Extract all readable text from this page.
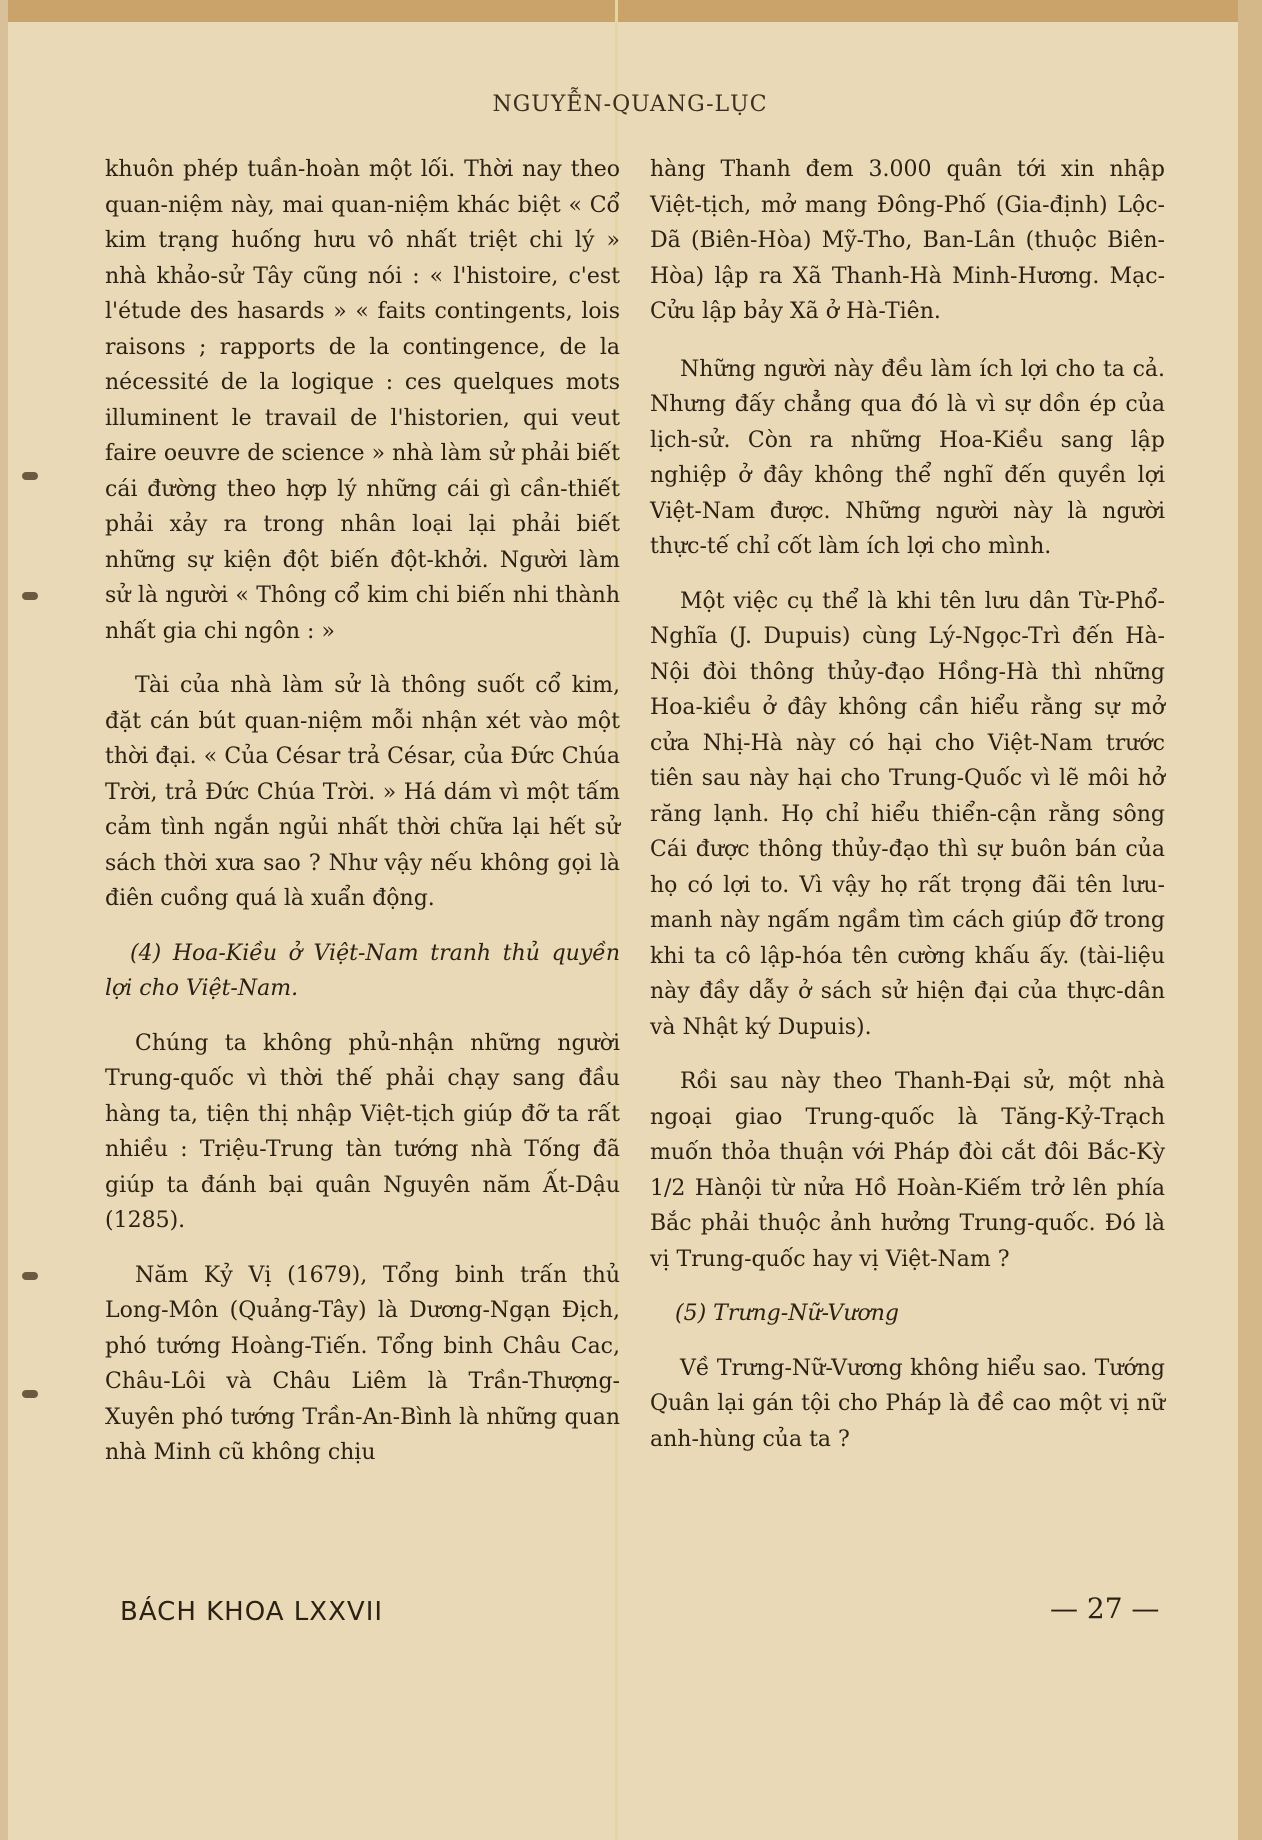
NGUYỄN-QUANG-LỤC

khuôn phép tuần-hoàn một lối. Thời nay theo quan-niệm này, mai quan-niệm khác biệt « Cổ kim trạng huống hưu vô nhất triệt chi lý » nhà khảo-sử Tây cũng nói : « l'histoire, c'est l'étude des hasards » « faits contingents, lois raisons ; rapports de la contingence, de la nécessité de la logique : ces quelques mots illuminent le travail de l'historien, qui veut faire oeuvre de science » nhà làm sử phải biết cái đường theo hợp lý những cái gì cần-thiết phải xảy ra trong nhân loại lại phải biết những sự kiện đột biến đột-khởi. Người làm sử là người « Thông cổ kim chi biến nhi thành nhất gia chi ngôn : »

Tài của nhà làm sử là thông suốt cổ kim, đặt cán bút quan-niệm mỗi nhận xét vào một thời đại. « Của César trả César, của Đức Chúa Trời, trả Đức Chúa Trời. » Há dám vì một tấm cảm tình ngắn ngủi nhất thời chữa lại hết sử sách thời xưa sao ? Như vậy nếu không gọi là điên cuồng quá là xuẩn động.

(4) Hoa-Kiều ở Việt-Nam tranh thủ quyền lợi cho Việt-Nam.

Chúng ta không phủ-nhận những người Trung-quốc vì thời thế phải chạy sang đầu hàng ta, tiện thị nhập Việt-tịch giúp đỡ ta rất nhiều : Triệu-Trung tàn tướng nhà Tống đã giúp ta đánh bại quân Nguyên năm Ất-Dậu (1285).

Năm Kỷ Vị (1679), Tổng binh trấn thủ Long-Môn (Quảng-Tây) là Dương-Ngạn Địch, phó tướng Hoàng-Tiến. Tổng binh Châu Cac, Châu-Lôi và Châu Liêm là Trần-Thượng-Xuyên phó tướng Trần-An-Bình là những quan nhà Minh cũ không chịu

hàng Thanh đem 3.000 quân tới xin nhập Việt-tịch, mở mang Đông-Phố (Gia-định) Lộc-Dã (Biên-Hòa) Mỹ-Tho, Ban-Lân (thuộc Biên-Hòa) lập ra Xã Thanh-Hà Minh-Hương. Mạc-Cửu lập bảy Xã ở Hà-Tiên.

Những người này đều làm ích lợi cho ta cả. Nhưng đấy chẳng qua đó là vì sự dồn ép của lịch-sử. Còn ra những Hoa-Kiều sang lập nghiệp ở đây không thể nghĩ đến quyền lợi Việt-Nam được. Những người này là người thực-tế chỉ cốt làm ích lợi cho mình.

Một việc cụ thể là khi tên lưu dân Từ-Phổ-Nghĩa (J. Dupuis) cùng Lý-Ngọc-Trì đến Hà-Nội đòi thông thủy-đạo Hồng-Hà thì những Hoa-kiều ở đây không cần hiểu rằng sự mở cửa Nhị-Hà này có hại cho Việt-Nam trước tiên sau này hại cho Trung-Quốc vì lẽ môi hở răng lạnh. Họ chỉ hiểu thiển-cận rằng sông Cái được thông thủy-đạo thì sự buôn bán của họ có lợi to. Vì vậy họ rất trọng đãi tên lưu-manh này ngấm ngầm tìm cách giúp đỡ trong khi ta cô lập-hóa tên cường khấu ấy. (tài-liệu này đầy dẫy ở sách sử hiện đại của thực-dân và Nhật ký Dupuis).

Rồi sau này theo Thanh-Đại sử, một nhà ngoại giao Trung-quốc là Tăng-Kỷ-Trạch muốn thỏa thuận với Pháp đòi cắt đôi Bắc-Kỳ 1/2 Hànội từ nửa Hồ Hoàn-Kiếm trở lên phía Bắc phải thuộc ảnh hưởng Trung-quốc. Đó là vị Trung-quốc hay vị Việt-Nam ?

(5) Trưng-Nữ-Vương

Về Trưng-Nữ-Vương không hiểu sao. Tướng Quân lại gán tội cho Pháp là đề cao một vị nữ anh-hùng của ta ?

BÁCH KHOA LXXVII	— 27 —
